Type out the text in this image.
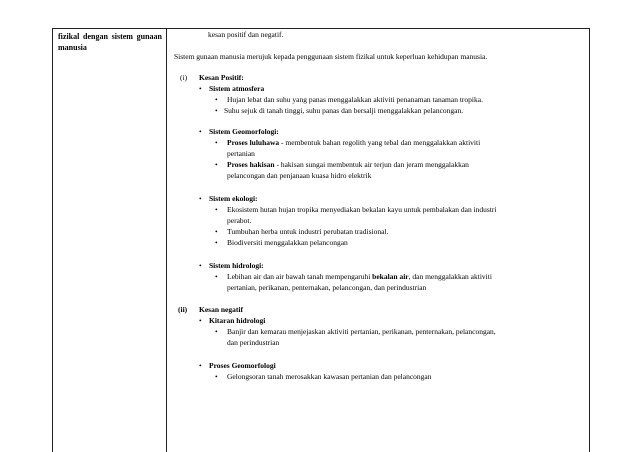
fizikal dengan sistem gunaan manusia
kesan positif dan negatif.
Sistem gunaan manusia merujuk kepada penggunaan sistem fizikal untuk keperluan kehidupan manusia.
(i) Kesan Positif:
• Sistem atmosfera
• Hujan lebat dan suhu yang panas menggalakkan aktiviti penanaman tanaman tropika.
• Suhu sejuk di tanah tinggi, suhu panas dan bersalji menggalakkan pelancongan.
• Sistem Geomorfologi:
• Proses luluhawa - membentuk bahan regolith yang tebal dan menggalakkan aktiviti
pertanian
• Proses hakisan - hakisan sungai membentuk air terjun dan jeram menggalakkan
pelancongan dan penjanaan kuasa hidro elektrik
• Sistem ekologi:
• Ekosistem hutan hujan tropika menyediakan bekalan kayu untuk pembalakan dan industri
perabot.
• Tumbuhan herba untuk industri perubatan tradisional.
• Biodiversiti menggalakkan pelancongan
• Sistem hidrologi:
• Lebihan air dan air bawah tanah mempengaruhi bekalan air, dan menggalakkan aktiviti
pertanian, perikanan, penternakan, pelancongan, dan perindustrian
(ii) Kesan negatif
• Kitaran hidrologi
• Banjir dan kemarau menjejaskan aktiviti pertanian, perikanan, penternakan, pelancongan,
dan perindustrian
• Proses Geomorfologi
• Gelongsoran tanah merosakkan kawasan pertanian dan pelancongan
